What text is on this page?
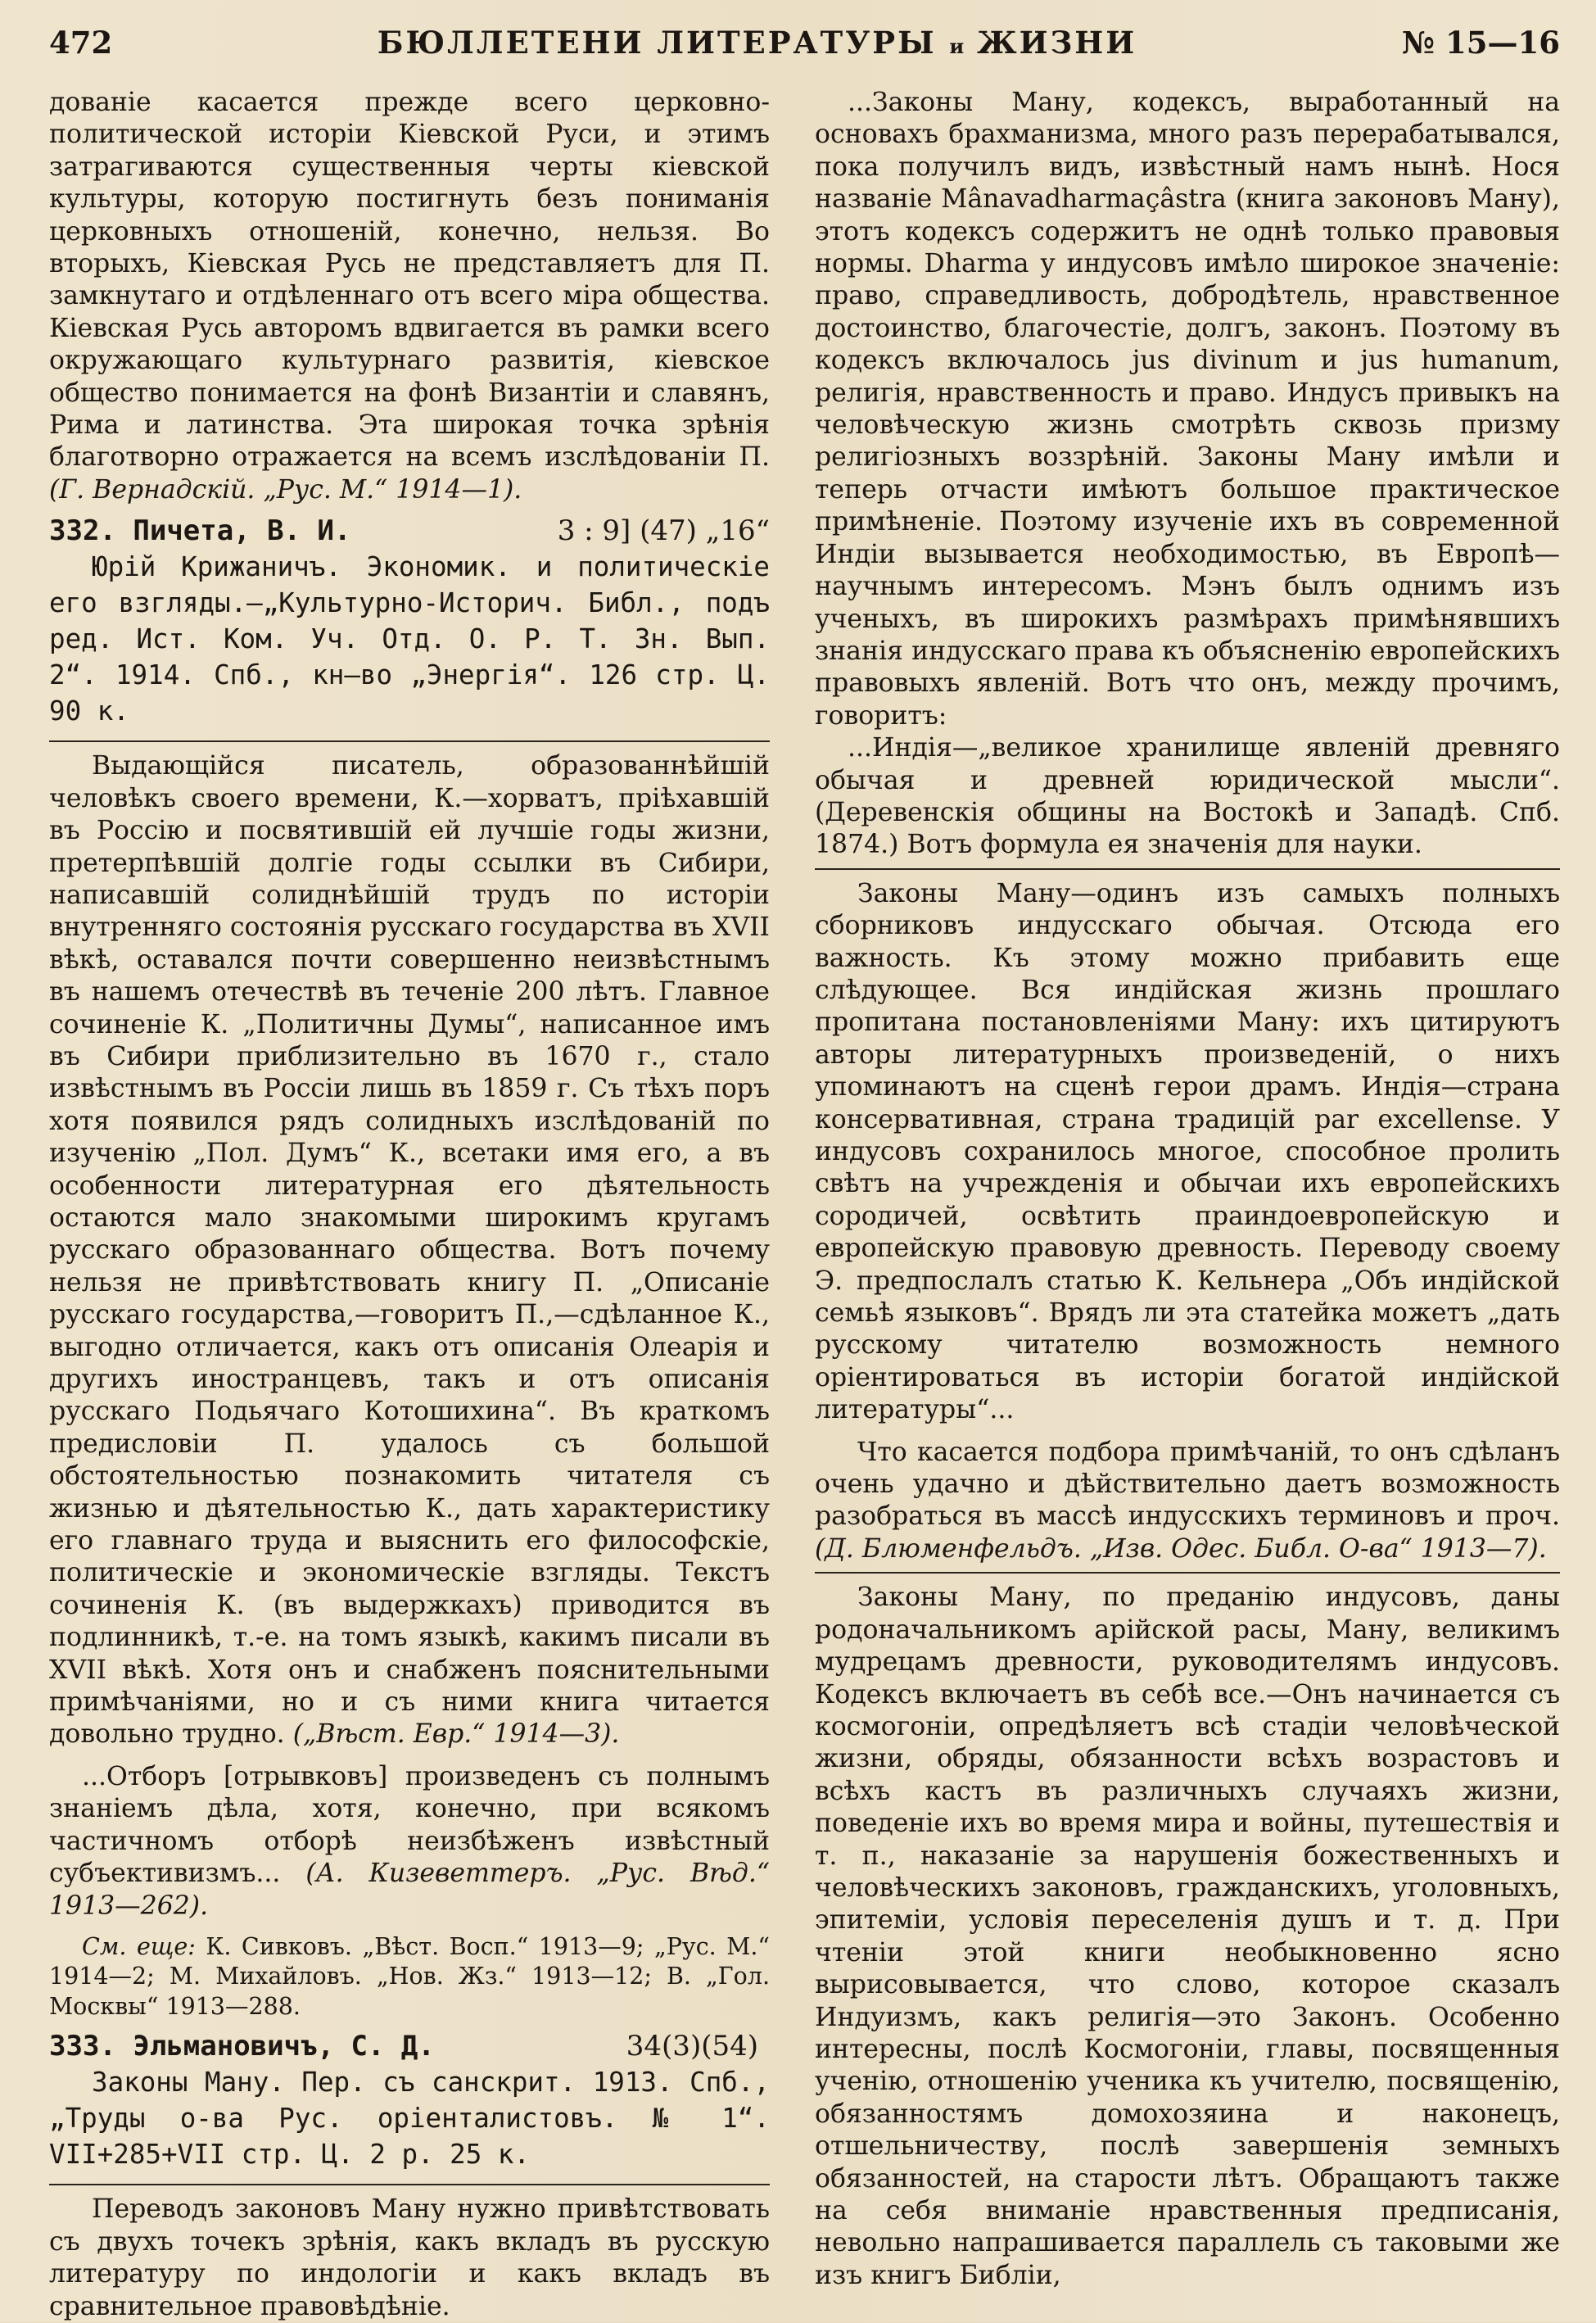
472	БЮЛЛЕТЕНИ ЛИТЕРАТУРЫ и ЖИЗНИ	№ 15—16

дованіе касается прежде всего церковно-политической исторіи Кіевской Руси, и этимъ затрагиваются существенныя черты кіевской культуры, которую постигнуть безъ пониманія церковныхъ отношеній, конечно, нельзя. Во вторыхъ, Кіевская Русь не представляетъ для П. замкнутаго и отдѣленнаго отъ всего міра общества. Кіевская Русь авторомъ вдвигается въ рамки всего окружающаго культурнаго развитія, кіевское общество понимается на фонѣ Византіи и славянъ, Рима и латинства. Эта широкая точка зрѣнія благотворно отражается на всемъ изслѣдованіи П. (Г. Вернадскій. „Рус. М.“ 1914—1).

332. Пичета, В. И.	3 : 9] (47) „16“

Юрій Крижаничъ. Экономик. и политическіе его взгляды.—„Культурно-Историч. Библ., подъ ред. Ист. Ком. Уч. Отд. О. Р. Т. Зн. Вып. 2“. 1914. Спб., кн—во „Энергія“. 126 стр. Ц. 90 к.

Выдающійся писатель, образованнѣйшій человѣкъ своего времени, К.—хорватъ, пріѣхавшій въ Россію и посвятившій ей лучшіе годы жизни, претерпѣвшій долгіе годы ссылки въ Сибири, написавшій солиднѣйшій трудъ по исторіи внутренняго состоянія русскаго государства въ XVII вѣкѣ, оставался почти совершенно неизвѣстнымъ въ нашемъ отечествѣ въ теченіе 200 лѣтъ. Главное сочиненіе К. „Политичны Думы“, написанное имъ въ Сибири приблизительно въ 1670 г., стало извѣстнымъ въ Россіи лишь въ 1859 г. Съ тѣхъ поръ хотя появился рядъ солидныхъ изслѣдованій по изученію „Пол. Думъ“ К., всетаки имя его, а въ особенности литературная его дѣятельность остаются мало знакомыми широкимъ кругамъ русскаго образованнаго общества. Вотъ почему нельзя не привѣтствовать книгу П. „Описаніе русскаго государства,—говоритъ П.,—сдѣланное К., выгодно отличается, какъ отъ описанія Олеарія и другихъ иностранцевъ, такъ и отъ описанія русскаго Подьячаго Котошихина“. Въ краткомъ предисловіи П. удалось съ большой обстоятельностью познакомить читателя съ жизнью и дѣятельностью К., дать характеристику его главнаго труда и выяснить его философскіе, политическіе и экономическіе взгляды. Текстъ сочиненія К. (въ выдержкахъ) приводится въ подлинникѣ, т.-е. на томъ языкѣ, какимъ писали въ XVII вѣкѣ. Хотя онъ и снабженъ пояснительными примѣчаніями, но и съ ними книга читается довольно трудно. („Вѣст. Евр.“ 1914—3).

...Отборъ [отрывковъ] произведенъ съ полнымъ знаніемъ дѣла, хотя, конечно, при всякомъ частичномъ отборѣ неизбѣженъ извѣстный субъективизмъ... (А. Кизеветтеръ. „Рус. Вѣд.“ 1913—262).

См. еще: К. Сивковъ. „Вѣст. Восп.“ 1913—9; „Рус. М.“ 1914—2; М. Михайловъ. „Нов. Жз.“ 1913—12; В. „Гол. Москвы“ 1913—288.

333. Эльмановичъ, С. Д.	34(3)(54)

Законы Ману. Пер. съ санскрит. 1913. Спб., „Труды о-ва Рус. оріенталистовъ. № 1“. VII+285+VII стр. Ц. 2 р. 25 к.

Переводъ законовъ Ману нужно привѣтствовать съ двухъ точекъ зрѣнія, какъ вкладъ въ русскую литературу по индологіи и какъ вкладъ въ сравнительное правовѣдѣніе.

...Законы Ману, кодексъ, выработанный на основахъ брахманизма, много разъ перерабатывался, пока получилъ видъ, извѣстный намъ нынѣ. Нося названіе Mânavadharmaçâstra (книга законовъ Ману), этотъ кодексъ содержитъ не однѣ только правовыя нормы. Dharma у индусовъ имѣло широкое значеніе: право, справедливость, добродѣтель, нравственное достоинство, благочестіе, долгъ, законъ. Поэтому въ кодексъ включалось jus divinum и jus humanum, религія, нравственность и право. Индусъ привыкъ на человѣческую жизнь смотрѣть сквозь призму религіозныхъ воззрѣній. Законы Ману имѣли и теперь отчасти имѣютъ большое практическое примѣненіе. Поэтому изученіе ихъ въ современной Индіи вызывается необходимостью, въ Европѣ—научнымъ интересомъ. Мэнъ былъ однимъ изъ ученыхъ, въ широкихъ размѣрахъ примѣнявшихъ знанія индусскаго права къ объясненію европейскихъ правовыхъ явленій. Вотъ что онъ, между прочимъ, говоритъ:

...Индія—„великое хранилище явленій древняго обычая и древней юридической мысли“. (Деревенскія общины на Востокѣ и Западѣ. Спб. 1874.) Вотъ формула ея значенія для науки.

Законы Ману—одинъ изъ самыхъ полныхъ сборниковъ индусскаго обычая. Отсюда его важность. Къ этому можно прибавить еще слѣдующее. Вся индійская жизнь прошлаго пропитана постановленіями Ману: ихъ цитируютъ авторы литературныхъ произведеній, о нихъ упоминаютъ на сценѣ герои драмъ. Индія—страна консервативная, страна традицій par excellense. У индусовъ сохранилось многое, способное пролить свѣтъ на учрежденія и обычаи ихъ европейскихъ сородичей, освѣтить праиндоевропейскую и европейскую правовую древность. Переводу своему Э. предпослалъ статью К. Кельнера „Объ индійской семьѣ языковъ“. Врядъ ли эта статейка можетъ „дать русскому читателю возможность немного оріентироваться въ исторіи богатой индійской литературы“...

Что касается подбора примѣчаній, то онъ сдѣланъ очень удачно и дѣйствительно даетъ возможность разобраться въ массѣ индусскихъ терминовъ и проч. (Д. Блюменфельдъ. „Изв. Одес. Библ. О-ва“ 1913—7).

Законы Ману, по преданію индусовъ, даны родоначальникомъ арійской расы, Ману, великимъ мудрецамъ древности, руководителямъ индусовъ. Кодексъ включаетъ въ себѣ все.—Онъ начинается съ космогоніи, опредѣляетъ всѣ стадіи человѣческой жизни, обряды, обязанности всѣхъ возрастовъ и всѣхъ кастъ въ различныхъ случаяхъ жизни, поведеніе ихъ во время мира и войны, путешествія и т. п., наказаніе за нарушенія божественныхъ и человѣческихъ законовъ, гражданскихъ, уголовныхъ, эпитеміи, условія переселенія душъ и т. д. При чтеніи этой книги необыкновенно ясно вырисовывается, что слово, которое сказалъ Индуизмъ, какъ религія—это Законъ. Особенно интересны, послѣ Космогоніи, главы, посвященныя ученію, отношенію ученика къ учителю, посвященію, обязанностямъ домохозяина и наконецъ, отшельничеству, послѣ завершенія земныхъ обязанностей, на старости лѣтъ. Обращаютъ также на себя вниманіе нравственныя предписанія, невольно напрашивается параллель съ таковыми же изъ книгъ Библіи,
